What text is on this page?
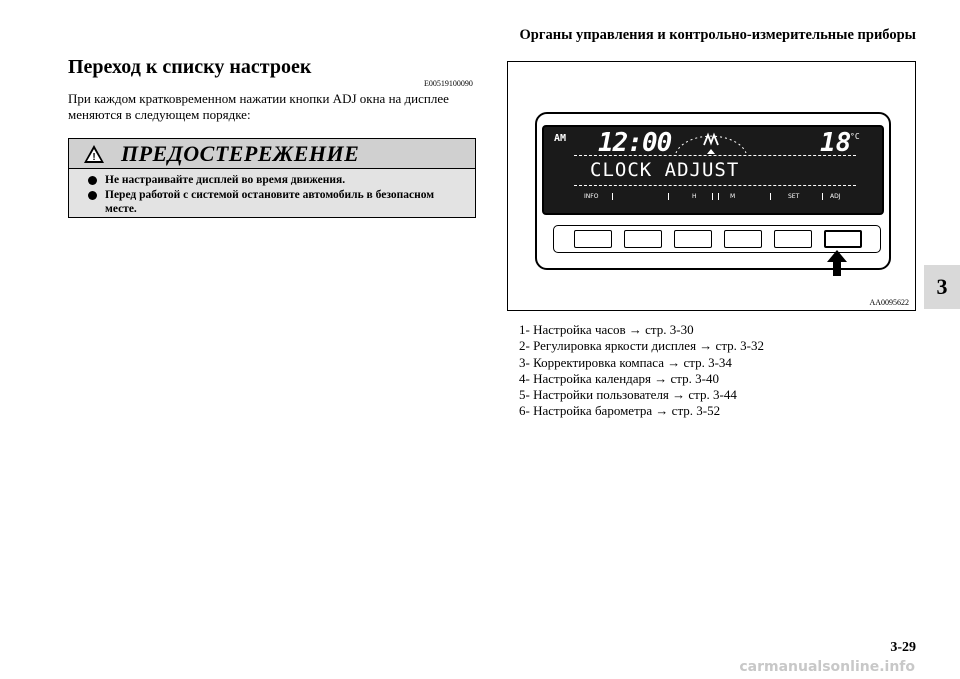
Органы управления и контрольно-измерительные приборы
3
Переход к списку настроек
E00519100090
При каждом кратковременном нажатии кнопки ADJ окна на дисплее меняются в следующем порядке:
! ПРЕДОСТЕРЕЖЕНИЕ
Не настраивайте дисплей во время движения.
Перед работой с системой остановите автомобиль в безопасном месте.
AM 12:00	18
°C
CLOCK ADJUST
INFO	H	M	SET	ADJ
AA0095622
1- Настройка часов → стр. 3-30
2- Регулировка яркости дисплея → стр. 3-32
3- Корректировка компаса → стр. 3-34
4- Настройка календаря → стр. 3-40
5- Настройки пользователя → стр. 3-44
6- Настройка барометра → стр. 3-52
3-29
carmanualsonline.info
